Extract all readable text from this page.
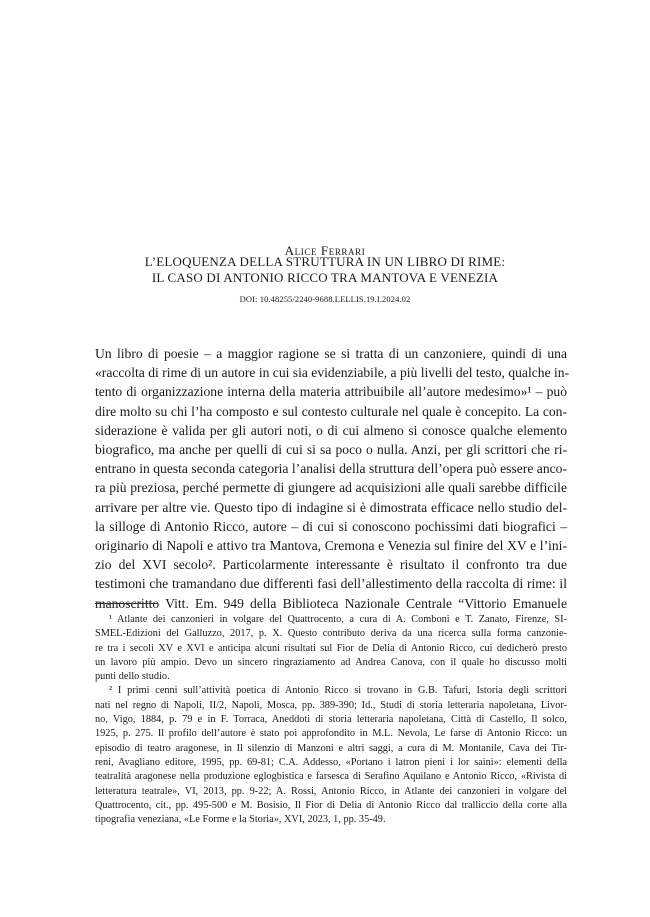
Alice Ferrari
L’ELOQUENZA DELLA STRUTTURA IN UN LIBRO DI RIME:
IL CASO DI ANTONIO RICCO TRA MANTOVA E VENEZIA
DOI: 10.48255/2240-9688.LELLIS.19.I.2024.02
Un libro di poesie – a maggior ragione se si tratta di un canzoniere, quindi di una
«raccolta di rime di un autore in cui sia evidenziabile, a più livelli del testo, qualche in-
tento di organizzazione interna della materia attribuibile all’autore medesimo»¹ – può
dire molto su chi l’ha composto e sul contesto culturale nel quale è concepito. La con-
siderazione è valida per gli autori noti, o di cui almeno si conosce qualche elemento
biografico, ma anche per quelli di cui si sa poco o nulla. Anzi, per gli scrittori che ri-
entrano in questa seconda categoria l’analisi della struttura dell’opera può essere anco-
ra più preziosa, perché permette di giungere ad acquisizioni alle quali sarebbe difficile
arrivare per altre vie. Questo tipo di indagine si è dimostrata efficace nello studio del-
la silloge di Antonio Ricco, autore – di cui si conoscono pochissimi dati biografici –
originario di Napoli e attivo tra Mantova, Cremona e Venezia sul finire del XV e l’ini-
zio del XVI secolo². Particolarmente interessante è risultato il confronto tra due
testimoni che tramandano due differenti fasi dell’allestimento della raccolta di rime: il
manoscritto Vitt. Em. 949 della Biblioteca Nazionale Centrale “Vittorio Emanuele
¹ Atlante dei canzonieri in volgare del Quattrocento, a cura di A. Comboni e T. Zanato, Firenze, SI-
SMEL-Edizioni del Galluzzo, 2017, p. X. Questo contributo deriva da una ricerca sulla forma canzonie-
re tra i secoli XV e XVI e anticipa alcuni risultati sul Fior de Delia di Antonio Ricco, cui dedicherò presto
un lavoro più ampio. Devo un sincero ringraziamento ad Andrea Canova, con il quale ho discusso molti
punti dello studio.
² I primi cenni sull’attività poetica di Antonio Ricco si trovano in G.B. Tafuri, Istoria degli scrittori
nati nel regno di Napoli, II/2, Napoli, Mosca, pp. 389-390; Id., Studi di storia letteraria napoletana, Livor-
no, Vigo, 1884, p. 79 e in F. Torraca, Aneddoti di storia letteraria napoletana, Città di Castello, Il solco,
1925, p. 275. Il profilo dell’autore è stato poi approfondito in M.L. Nevola, Le farse di Antonio Ricco: un
episodio di teatro aragonese, in Il silenzio di Manzoni e altri saggi, a cura di M. Montanile, Cava dei Tir-
reni, Avagliano editore, 1995, pp. 69-81; C.A. Addesso, «Portano i latron pieni i lor saini»: elementi della
teatralità aragonese nella produzione eglogbistica e farsesca di Serafino Aquilano e Antonio Ricco, «Rivista di
letteratura teatrale», VI, 2013, pp. 9-22; A. Rossi, Antonio Ricco, in Atlante dei canzonieri in volgare del
Quattrocento, cit., pp. 495-500 e M. Bosisio, Il Fior di Delia di Antonio Ricco dal tralliccio della corte alla
tipografia veneziana, «Le Forme e la Storia», XVI, 2023, 1, pp. 35-49.
